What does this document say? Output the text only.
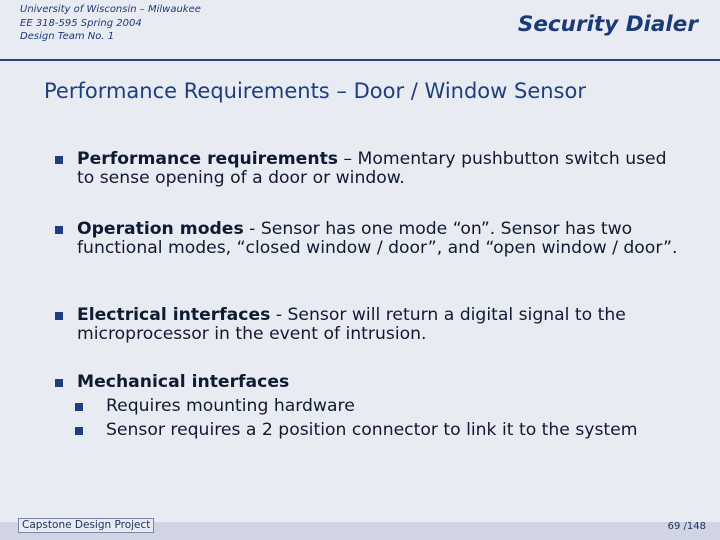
University of Wisconsin – Milwaukee
EE 318-595 Spring 2004
Design Team No. 1	Security Dialer
Performance Requirements – Door / Window Sensor
Performance requirements – Momentary pushbutton switch used to sense opening of a door or window.
Operation modes - Sensor has one mode “on”. Sensor has two functional modes, “closed window / door”, and “open window / door”.
Electrical interfaces - Sensor will return a digital signal to the microprocessor in the event of intrusion.
Mechanical interfaces
Requires mounting hardware
Sensor requires a 2 position connector to link it to the system
Capstone Design Project	69 /148
